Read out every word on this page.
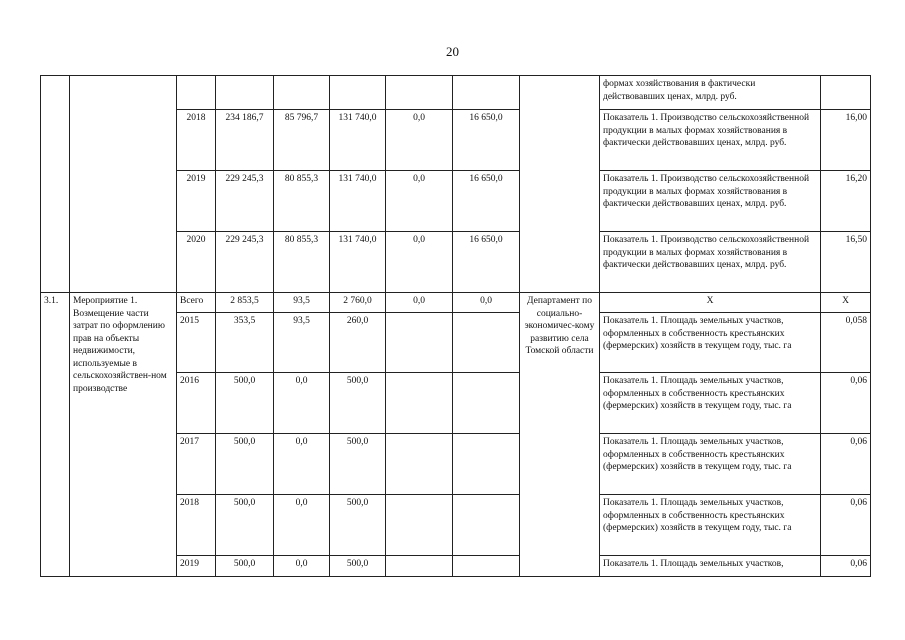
20
									формах хозяйствования в фактически действовавших ценах, млрд. руб.	
		2018	234 186,7	85 796,7	131 740,0	0,0	16 650,0		Показатель 1. Производство сельскохозяйственной продукции в малых формах хозяйствования в фактически действовавших ценах, млрд. руб.	16,00
		2019	229 245,3	80 855,3	131 740,0	0,0	16 650,0		Показатель 1. Производство сельскохозяйственной продукции в малых формах хозяйствования в фактически действовавших ценах, млрд. руб.	16,20
		2020	229 245,3	80 855,3	131 740,0	0,0	16 650,0		Показатель 1. Производство сельскохозяйственной продукции в малых формах хозяйствования в фактически действовавших ценах, млрд. руб.	16,50
3.1.	Мероприятие 1. Возмещение части затрат по оформлению прав на объекты недвижимости, используемые в сельскохозяйствен-ном производстве	Всего	2 853,5	93,5	2 760,0	0,0	0,0	Департамент по социально-экономичес-кому развитию села Томской области	Х	Х
		2015	353,5	93,5	260,0				Показатель 1. Площадь земельных участков, оформленных в собственность крестьянских (фермерских) хозяйств в текущем году, тыс. га	0,058
		2016	500,0	0,0	500,0				Показатель 1. Площадь земельных участков, оформленных в собственность крестьянских (фермерских) хозяйств в текущем году, тыс. га	0,06
		2017	500,0	0,0	500,0				Показатель 1. Площадь земельных участков, оформленных в собственность крестьянских (фермерских) хозяйств в текущем году, тыс. га	0,06
		2018	500,0	0,0	500,0				Показатель 1. Площадь земельных участков, оформленных в собственность крестьянских (фермерских) хозяйств в текущем году, тыс. га	0,06
		2019	500,0	0,0	500,0				Показатель 1. Площадь земельных участков,	0,06
